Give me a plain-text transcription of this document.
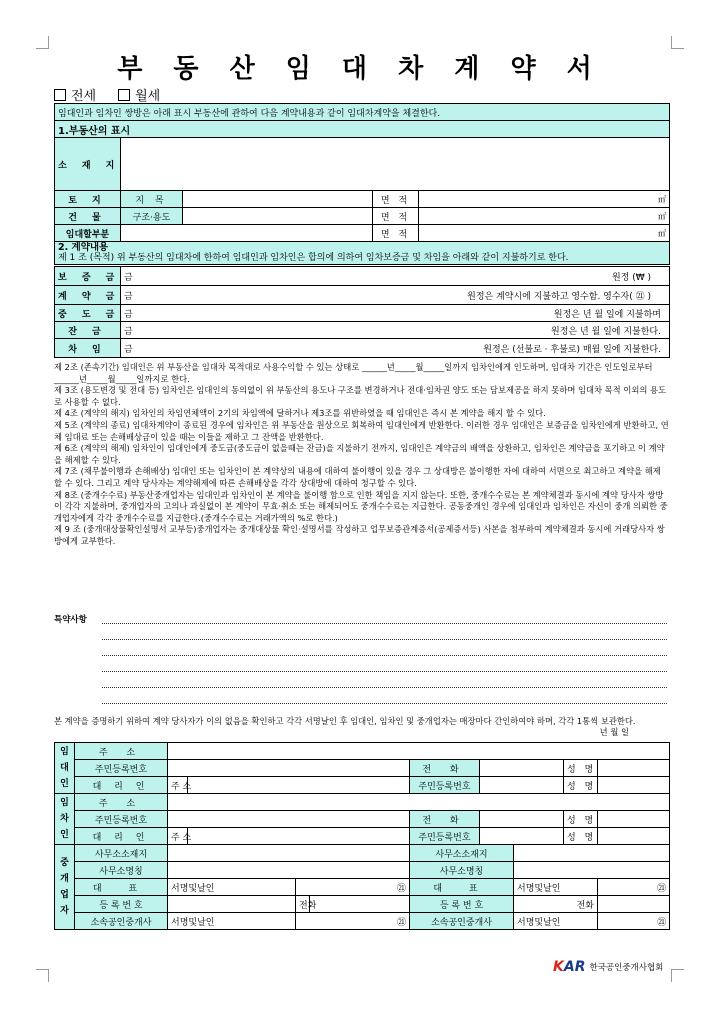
부 동 산 임 대 차 계 약 서
전세	월세
임대인과 임차인 쌍방은 아래 표시 부동산에 관하여 다음 계약내용과 같이 임대차계약을 체결한다.				
1.부동산의 표시				
소 재 지				
토 지	지 목		면 적	㎡
건 물	구조·용도		면 적	㎡
임대할부분			면 적	㎡

2. 계약내용
제 1 조 (목적) 위 부동산의 임대차에 한하여 임대인과 임차인은 합의에 의하여 임차보증금 및 차임을 아래와 같이 지불하기로 한다.				
보 증 금	금 원정 (₩ )

계 약 금	금 원정은 계약시에 지불하고 영수함. 영수자( ㉑ )

중 도 금	금 원정은 년 월 일에 지불하며

잔 금	금 원정은 년 월 일에 지불한다.

차 임	금 원정은 (선불로 · 후불로) 매월 일에 지불한다.

제 2조 (존속기간) 임대인은 위 부동산을 임대차 목적대로 사용수익할 수 있는 상태로 ______년_____월_____일까지 임차인에게 인도하며, 임대차 기간은 인도일로부터 ______년_____월_____일까지로 한다.

제 3조 (용도변경 및 전대 등) 임차인은 임대인의 동의없이 위 부동산의 용도나 구조를 변경하거나 전대·임차권 양도 또는 담보제공을 하지 못하며 임대차 목적 이외의 용도로 사용할 수 없다.

제 4조 (계약의 해지) 임차인의 차임연체액이 2기의 차임액에 달하거나 제3조를 위반하였을 때 임대인은 즉시 본 계약을 해지 할 수 있다.

제 5조 (계약의 종료) 임대차계약이 종료된 경우에 임차인은 위 부동산을 원상으로 회복하여 임대인에게 반환한다. 이러한 경우 임대인은 보증금을 임차인에게 반환하고, 연체 임대료 또는 손해배상금이 있을 때는 이들을 제하고 그 잔액을 반환한다.

제 6조 (계약의 해제) 임차인이 임대인에게 중도금(중도금이 없을때는 잔금)을 지불하기 전까지, 임대인은 계약금의 배액을 상환하고, 임차인은 계약금을 포기하고 이 계약을 해제할 수 있다.

제 7조 (채무불이행과 손해배상) 임대인 또는 임차인이 본 계약상의 내용에 대하여 불이행이 있을 경우 그 상대방은 불이행한 자에 대하여 서면으로 최고하고 계약을 해제 할 수 있다. 그리고 계약 당사자는 계약해제에 따른 손해배상을 각각 상대방에 대하여 청구할 수 있다.

제 8조 (중개수수료) 부동산중개업자는 임대인과 임차인이 본 계약을 불이행 함으로 인한 책임을 지지 않는다. 또한, 중개수수료는 본 계약체결과 동시에 계약 당사자 쌍방이 각각 지불하며, 중개업자의 고의나 과실없이 본 계약이 무효·취소 또는 해제되어도 중개수수료는 지급한다. 공동중개인 경우에 임대인과 임차인은 자신이 중개 의뢰한 중개업자에게 각각 중개수수료를 지급한다.(중개수수료는 거래가액의 %로 한다.)

제 9 조 (중개대상물확인설명서 교부등)중개업자는 중개대상물 확인·설명서를 작성하고 업무보증관계증서(공제증서등) 사본을 첨부하여 계약체결과 동시에 거래당사자 쌍방에게 교부한다.

특약사항
본 계약을 증명하기 위하여 계약 당사자가 이의 없음을 확인하고 각각 서명날인 후 임대인, 임차인 및 중개업자는 매장마다 간인하여야 하며, 각각 1통씩 보관한다.
년 월 일
임대인	주 소										
	주민등록번호					전 화			성 명		
	대 리 인	주 소				주민등록번호			성 명		

임차인	주 소										
	주민등록번호					전 화			성 명		
	대 리 인	주 소				주민등록번호			성 명		

중개업자	사무소소재지					사무소소재지					
	사무소명칭					사무소명칭					
	대 표	서명및날인		㉑		대 표		서명및날인		㉑	
	등 록 번 호			전화		등 록 번 호		전화			
	소속공인중개사	서명및날인		㉑		소속공인중개사		서명및날인		㉑	
KAR 한국공인중개사협회
